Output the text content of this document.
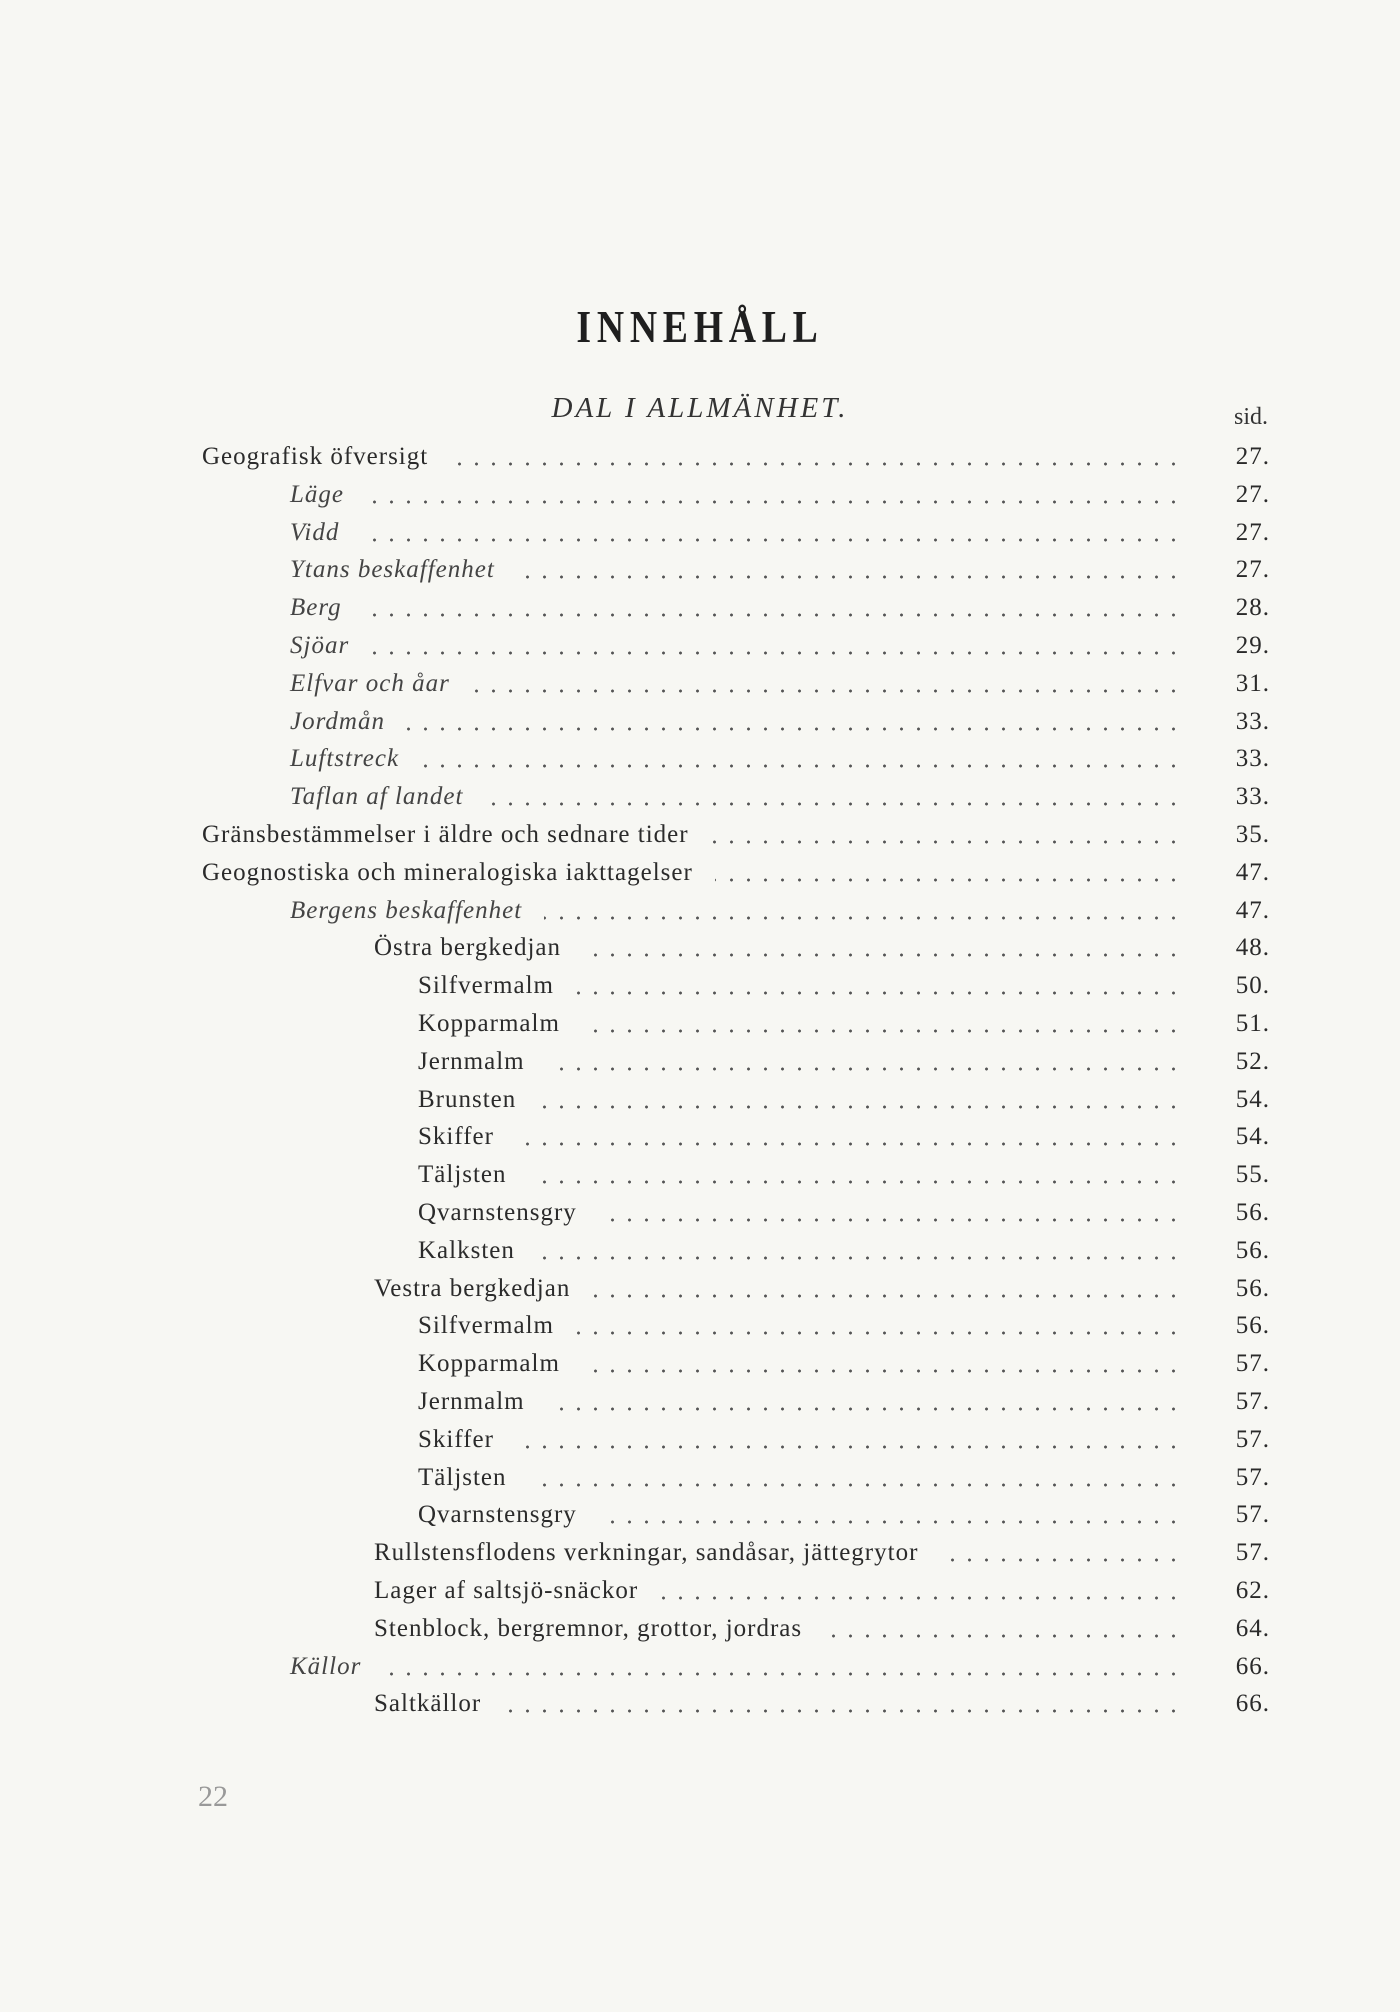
INNEHÅLL
DAL I ALLMÄNHET.	sid.
Geografisk öfversigt	27.
Läge	27.
Vidd	27.
Ytans beskaffenhet	27.
Berg	28.
Sjöar	29.
Elfvar och åar	31.
Jordmån	33.
Luftstreck	33.
Taflan af landet	33.
Gränsbestämmelser i äldre och sednare tider	35.
Geognostiska och mineralogiska iakttagelser	47.
Bergens beskaffenhet	47.
Östra bergkedjan	48.
Silfvermalm	50.
Kopparmalm	51.
Jernmalm	52.
Brunsten	54.
Skiffer	54.
Täljsten	55.
Qvarnstensgry	56.
Kalksten	56.
Vestra bergkedjan	56.
Silfvermalm	56.
Kopparmalm	57.
Jernmalm	57.
Skiffer	57.
Täljsten	57.
Qvarnstensgry	57.
Rullstensflodens verkningar, sandåsar, jättegrytor	57.
Lager af saltsjö-snäckor	62.
Stenblock, bergremnor, grottor, jordras	64.
Källor	66.
Saltkällor	66.
22
